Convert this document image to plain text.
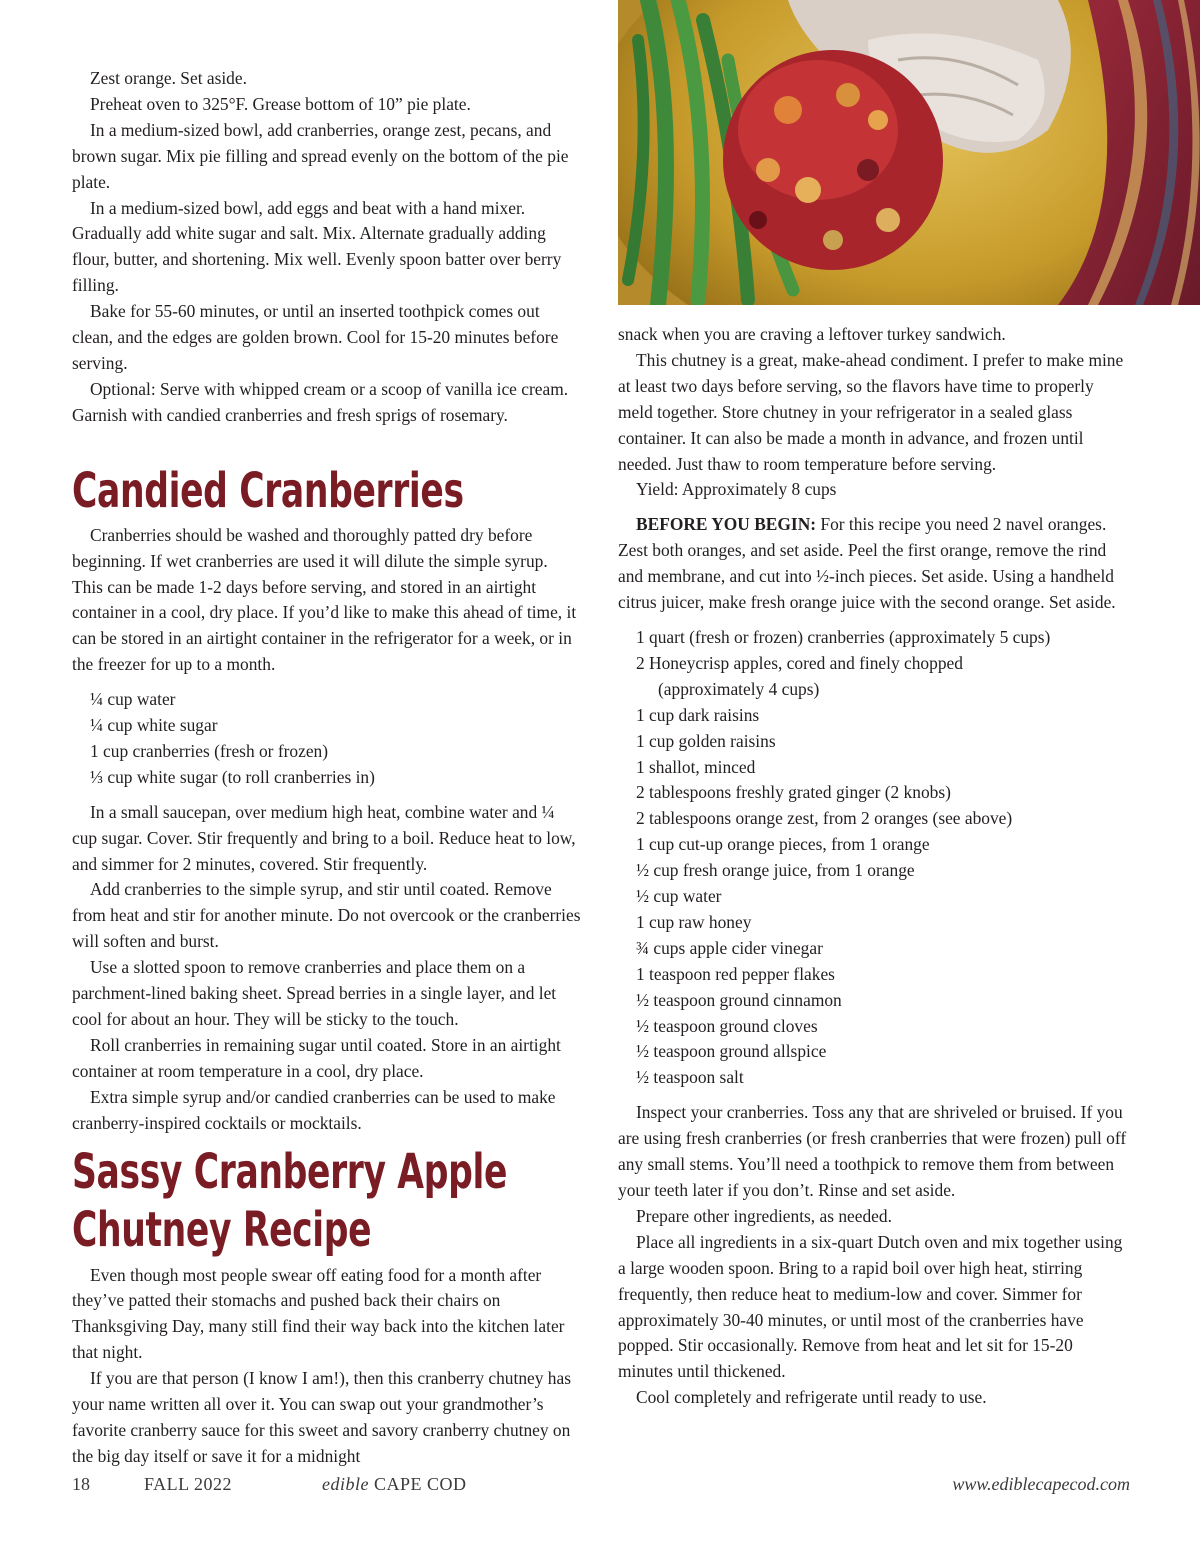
Zest orange. Set aside.

Preheat oven to 325°F. Grease bottom of 10” pie plate.

In a medium-sized bowl, add cranberries, orange zest, pecans, and brown sugar. Mix pie filling and spread evenly on the bottom of the pie plate.

In a medium-sized bowl, add eggs and beat with a hand mixer. Gradually add white sugar and salt. Mix. Alternate gradually adding flour, butter, and shortening. Mix well. Evenly spoon batter over berry filling.

Bake for 55-60 minutes, or until an inserted toothpick comes out clean, and the edges are golden brown. Cool for 15-20 minutes before serving.

Optional: Serve with whipped cream or a scoop of vanilla ice cream. Garnish with candied cranberries and fresh sprigs of rosemary.

Candied Cranberries

Cranberries should be washed and thoroughly patted dry before beginning. If wet cranberries are used it will dilute the simple syrup. This can be made 1-2 days before serving, and stored in an airtight container in a cool, dry place. If you’d like to make this ahead of time, it can be stored in an airtight container in the refrigerator for a week, or in the freezer for up to a month.

¼ cup water
¼ cup white sugar
1 cup cranberries (fresh or frozen)
⅓ cup white sugar (to roll cranberries in)

In a small saucepan, over medium high heat, combine water and ¼ cup sugar. Cover. Stir frequently and bring to a boil. Reduce heat to low, and simmer for 2 minutes, covered. Stir frequently.

Add cranberries to the simple syrup, and stir until coated. Remove from heat and stir for another minute. Do not overcook or the cranberries will soften and burst.

Use a slotted spoon to remove cranberries and place them on a parchment-lined baking sheet. Spread berries in a single layer, and let cool for about an hour. They will be sticky to the touch.

Roll cranberries in remaining sugar until coated. Store in an airtight container at room temperature in a cool, dry place.

Extra simple syrup and/or candied cranberries can be used to make cranberry-inspired cocktails or mocktails.

Sassy Cranberry Apple
Chutney Recipe

Even though most people swear off eating food for a month after they’ve patted their stomachs and pushed back their chairs on Thanksgiving Day, many still find their way back into the kitchen later that night.

If you are that person (I know I am!), then this cranberry chutney has your name written all over it. You can swap out your grandmother’s favorite cranberry sauce for this sweet and savory cranberry chutney on the big day itself or save it for a midnight

snack when you are craving a leftover turkey sandwich.

This chutney is a great, make-ahead condiment. I prefer to make mine at least two days before serving, so the flavors have time to properly meld together. Store chutney in your refrigerator in a sealed glass container. It can also be made a month in advance, and frozen until needed. Just thaw to room temperature before serving.

Yield: Approximately 8 cups

BEFORE YOU BEGIN: For this recipe you need 2 navel oranges. Zest both oranges, and set aside. Peel the first orange, remove the rind and membrane, and cut into ½-inch pieces. Set aside. Using a handheld citrus juicer, make fresh orange juice with the second orange. Set aside.

1 quart (fresh or frozen) cranberries (approximately 5 cups)
2 Honeycrisp apples, cored and finely chopped
(approximately 4 cups)
1 cup dark raisins
1 cup golden raisins
1 shallot, minced
2 tablespoons freshly grated ginger (2 knobs)
2 tablespoons orange zest, from 2 oranges (see above)
1 cup cut-up orange pieces, from 1 orange
½ cup fresh orange juice, from 1 orange
½ cup water
1 cup raw honey
¾ cups apple cider vinegar
1 teaspoon red pepper flakes
½ teaspoon ground cinnamon
½ teaspoon ground cloves
½ teaspoon ground allspice
½ teaspoon salt

Inspect your cranberries. Toss any that are shriveled or bruised. If you are using fresh cranberries (or fresh cranberries that were frozen) pull off any small stems. You’ll need a toothpick to remove them from between your teeth later if you don’t. Rinse and set aside.

Prepare other ingredients, as needed.

Place all ingredients in a six-quart Dutch oven and mix together using a large wooden spoon. Bring to a rapid boil over high heat, stirring frequently, then reduce heat to medium-low and cover. Simmer for approximately 30-40 minutes, or until most of the cranberries have popped. Stir occasionally. Remove from heat and let sit for 15-20 minutes until thickened.

Cool completely and refrigerate until ready to use.

18	FALL 2022	edible CAPE COD	www.ediblecapecod.com
